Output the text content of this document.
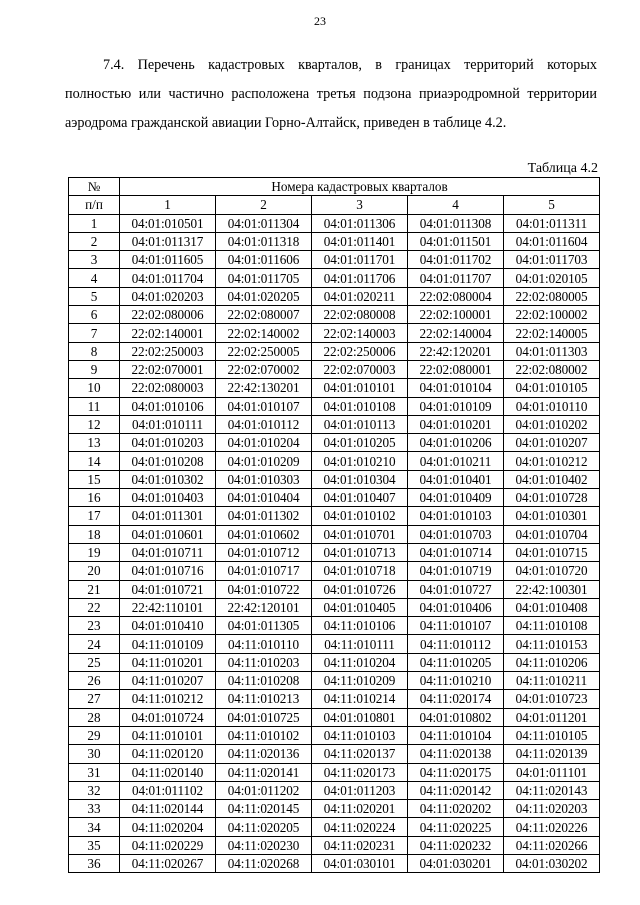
23

7.4. Перечень кадастровых кварталов, в границах территорий которых полностью или частично расположена третья подзона приаэродромной территории аэродрома гражданской авиации Горно-Алтайск, приведен в таблице 4.2.

Таблица 4.2
№	Номера кадастровых кварталов				
п/п	1	2	3	4	5
1	04:01:010501	04:01:011304	04:01:011306	04:01:011308	04:01:011311
2	04:01:011317	04:01:011318	04:01:011401	04:01:011501	04:01:011604
3	04:01:011605	04:01:011606	04:01:011701	04:01:011702	04:01:011703
4	04:01:011704	04:01:011705	04:01:011706	04:01:011707	04:01:020105
5	04:01:020203	04:01:020205	04:01:020211	22:02:080004	22:02:080005
6	22:02:080006	22:02:080007	22:02:080008	22:02:100001	22:02:100002
7	22:02:140001	22:02:140002	22:02:140003	22:02:140004	22:02:140005
8	22:02:250003	22:02:250005	22:02:250006	22:42:120201	04:01:011303
9	22:02:070001	22:02:070002	22:02:070003	22:02:080001	22:02:080002
10	22:02:080003	22:42:130201	04:01:010101	04:01:010104	04:01:010105
11	04:01:010106	04:01:010107	04:01:010108	04:01:010109	04:01:010110
12	04:01:010111	04:01:010112	04:01:010113	04:01:010201	04:01:010202
13	04:01:010203	04:01:010204	04:01:010205	04:01:010206	04:01:010207
14	04:01:010208	04:01:010209	04:01:010210	04:01:010211	04:01:010212
15	04:01:010302	04:01:010303	04:01:010304	04:01:010401	04:01:010402
16	04:01:010403	04:01:010404	04:01:010407	04:01:010409	04:01:010728
17	04:01:011301	04:01:011302	04:01:010102	04:01:010103	04:01:010301
18	04:01:010601	04:01:010602	04:01:010701	04:01:010703	04:01:010704
19	04:01:010711	04:01:010712	04:01:010713	04:01:010714	04:01:010715
20	04:01:010716	04:01:010717	04:01:010718	04:01:010719	04:01:010720
21	04:01:010721	04:01:010722	04:01:010726	04:01:010727	22:42:100301
22	22:42:110101	22:42:120101	04:01:010405	04:01:010406	04:01:010408
23	04:01:010410	04:01:011305	04:11:010106	04:11:010107	04:11:010108
24	04:11:010109	04:11:010110	04:11:010111	04:11:010112	04:11:010153
25	04:11:010201	04:11:010203	04:11:010204	04:11:010205	04:11:010206
26	04:11:010207	04:11:010208	04:11:010209	04:11:010210	04:11:010211
27	04:11:010212	04:11:010213	04:11:010214	04:11:020174	04:01:010723
28	04:01:010724	04:01:010725	04:01:010801	04:01:010802	04:01:011201
29	04:11:010101	04:11:010102	04:11:010103	04:11:010104	04:11:010105
30	04:11:020120	04:11:020136	04:11:020137	04:11:020138	04:11:020139
31	04:11:020140	04:11:020141	04:11:020173	04:11:020175	04:01:011101
32	04:01:011102	04:01:011202	04:01:011203	04:11:020142	04:11:020143
33	04:11:020144	04:11:020145	04:11:020201	04:11:020202	04:11:020203
34	04:11:020204	04:11:020205	04:11:020224	04:11:020225	04:11:020226
35	04:11:020229	04:11:020230	04:11:020231	04:11:020232	04:11:020266
36	04:11:020267	04:11:020268	04:01:030101	04:01:030201	04:01:030202
